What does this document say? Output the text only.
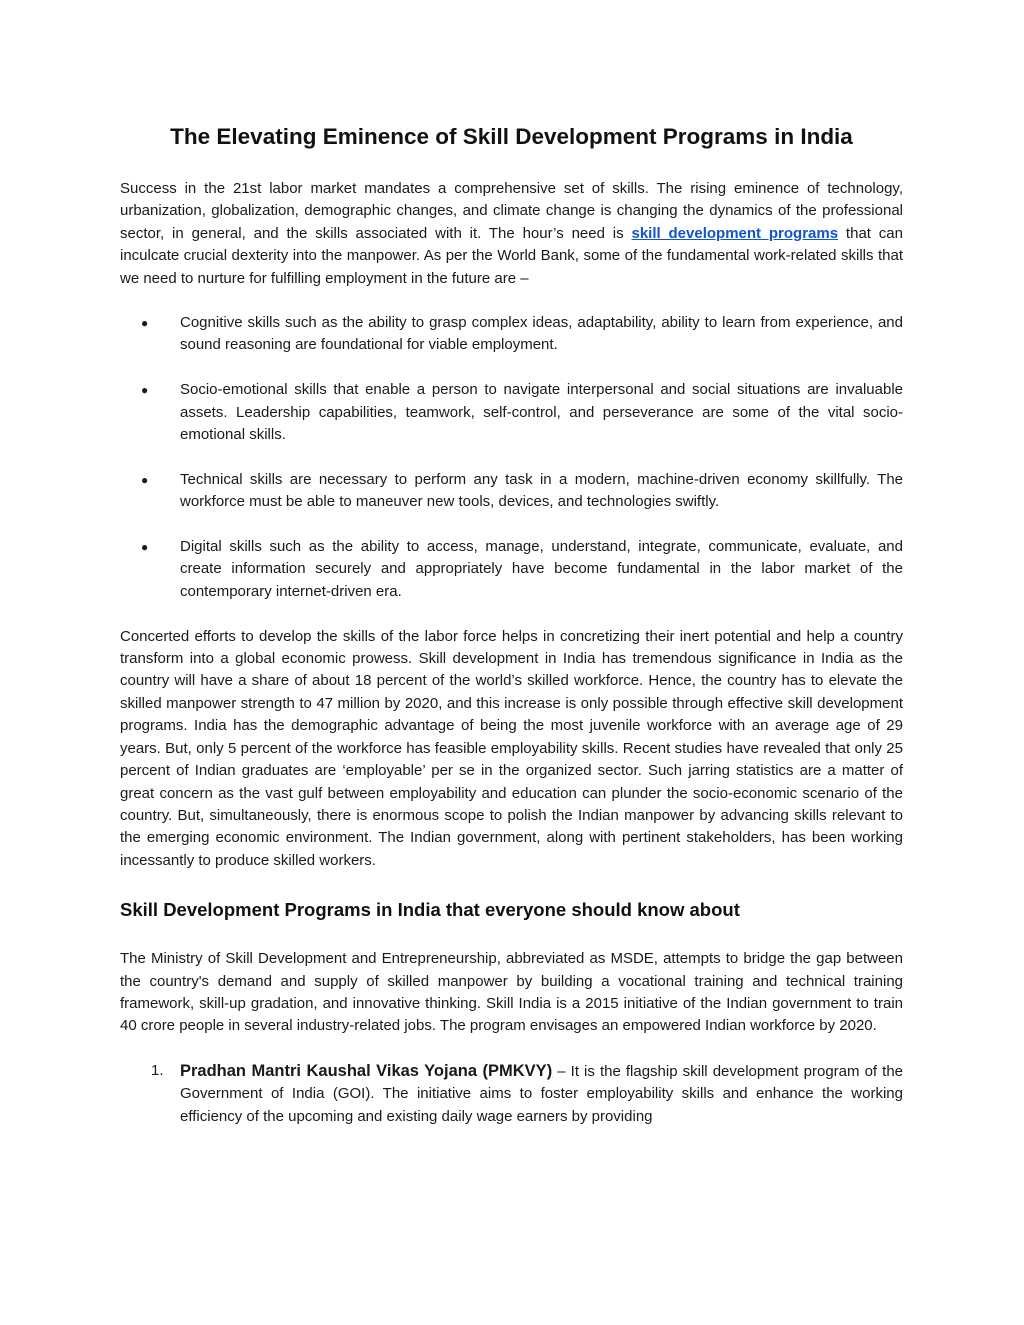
The Elevating Eminence of Skill Development Programs in India

Success in the 21st labor market mandates a comprehensive set of skills. The rising eminence of technology, urbanization, globalization, demographic changes, and climate change is changing the dynamics of the professional sector, in general, and the skills associated with it. The hour’s need is skill development programs that can inculcate crucial dexterity into the manpower. As per the World Bank, some of the fundamental work-related skills that we need to nurture for fulfilling employment in the future are –

● Cognitive skills such as the ability to grasp complex ideas, adaptability, ability to learn from experience, and sound reasoning are foundational for viable employment.
● Socio-emotional skills that enable a person to navigate interpersonal and social situations are invaluable assets. Leadership capabilities, teamwork, self-control, and perseverance are some of the vital socio-emotional skills.
● Technical skills are necessary to perform any task in a modern, machine-driven economy skillfully. The workforce must be able to maneuver new tools, devices, and technologies swiftly.
● Digital skills such as the ability to access, manage, understand, integrate, communicate, evaluate, and create information securely and appropriately have become fundamental in the labor market of the contemporary internet-driven era.

Concerted efforts to develop the skills of the labor force helps in concretizing their inert potential and help a country transform into a global economic prowess. Skill development in India has tremendous significance in India as the country will have a share of about 18 percent of the world’s skilled workforce. Hence, the country has to elevate the skilled manpower strength to 47 million by 2020, and this increase is only possible through effective skill development programs. India has the demographic advantage of being the most juvenile workforce with an average age of 29 years. But, only 5 percent of the workforce has feasible employability skills. Recent studies have revealed that only 25 percent of Indian graduates are ‘employable’ per se in the organized sector. Such jarring statistics are a matter of great concern as the vast gulf between employability and education can plunder the socio-economic scenario of the country. But, simultaneously, there is enormous scope to polish the Indian manpower by advancing skills relevant to the emerging economic environment. The Indian government, along with pertinent stakeholders, has been working incessantly to produce skilled workers.

Skill Development Programs in India that everyone should know about

The Ministry of Skill Development and Entrepreneurship, abbreviated as MSDE, attempts to bridge the gap between the country's demand and supply of skilled manpower by building a vocational training and technical training framework, skill-up gradation, and innovative thinking. Skill India is a 2015 initiative of the Indian government to train 40 crore people in several industry-related jobs. The program envisages an empowered Indian workforce by 2020.

1. Pradhan Mantri Kaushal Vikas Yojana (PMKVY) – It is the flagship skill development program of the Government of India (GOI). The initiative aims to foster employability skills and enhance the working efficiency of the upcoming and existing daily wage earners by providing
